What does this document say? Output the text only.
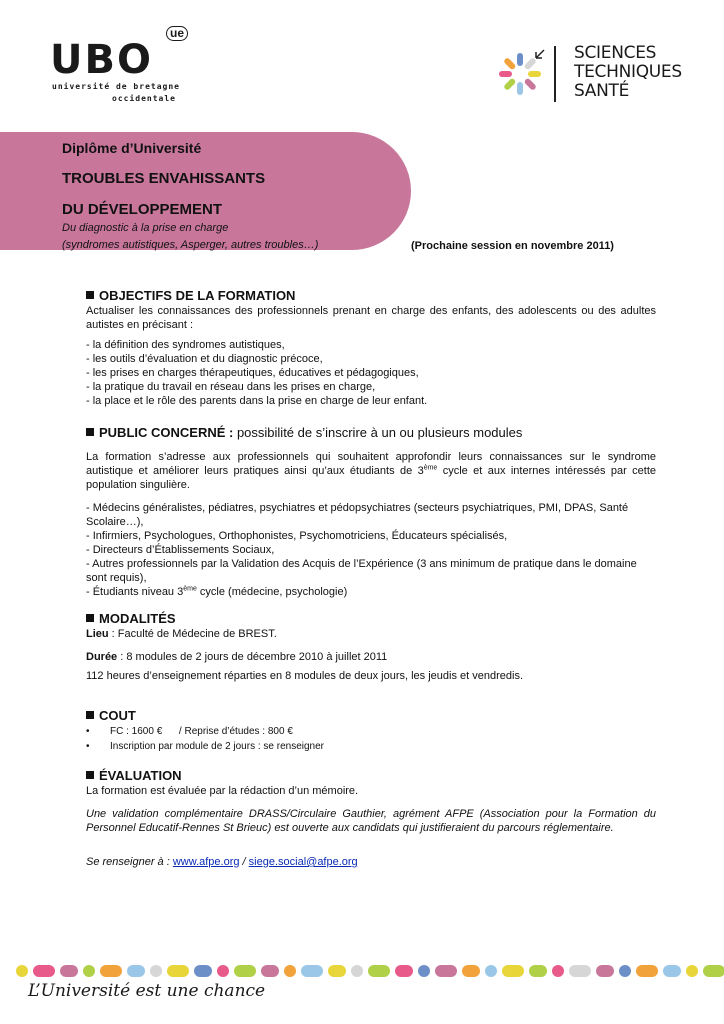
UBO
ue
université de bretagne
occidentale
SCIENCES
TECHNIQUES
SANTÉ
Diplôme d’Université
TROUBLES ENVAHISSANTS
DU DÉVELOPPEMENT
Du diagnostic à la prise en charge
(syndromes autistiques, Asperger, autres troubles…)	(Prochaine session en novembre 2011)
OBJECTIFS DE LA FORMATION

Actualiser les connaissances des professionnels prenant en charge des enfants, des adolescents ou des adultes autistes en précisant :

- la définition des syndromes autistiques,
- les outils d’évaluation et du diagnostic précoce,
- les prises en charges thérapeutiques, éducatives et pédagogiques,
- la pratique du travail en réseau dans les prises en charge,
- la place et le rôle des parents dans la prise en charge de leur enfant.
PUBLIC CONCERNÉ : possibilité de s’inscrire à un ou plusieurs modules

La formation s’adresse aux professionnels qui souhaitent approfondir leurs connaissances sur le syndrome autistique et améliorer leurs pratiques ainsi qu’aux étudiants de 3ème cycle et aux internes intéressés par cette population singulière.

- Médecins généralistes, pédiatres, psychiatres et pédopsychiatres (secteurs psychiatriques, PMI, DPAS, Santé Scolaire…),
- Infirmiers, Psychologues, Orthophonistes, Psychomotriciens, Éducateurs spécialisés,
- Directeurs d’Établissements Sociaux,
- Autres professionnels par la Validation des Acquis de l’Expérience (3 ans minimum de pratique dans le domaine sont requis),
- Étudiants niveau 3ème cycle (médecine, psychologie)
MODALITÉS

Lieu : Faculté de Médecine de BREST.

Durée : 8 modules de 2 jours de décembre 2010 à juillet 2011

112 heures d’enseignement réparties en 8 modules de deux jours, les jeudis et vendredis.

COUT
• FC : 1600 €      / Reprise d’études : 800 €
• Inscription par module de 2 jours : se renseigner
ÉVALUATION

La formation est évaluée par la rédaction d’un mémoire.

Une validation complémentaire DRASS/Circulaire Gauthier, agrément AFPE (Association pour la Formation du Personnel Educatif-Rennes St Brieuc) est ouverte aux candidats qui justifieraient du parcours réglementaire.

Se renseigner à : www.afpe.org / siege.social@afpe.org

L’Université est une chance
